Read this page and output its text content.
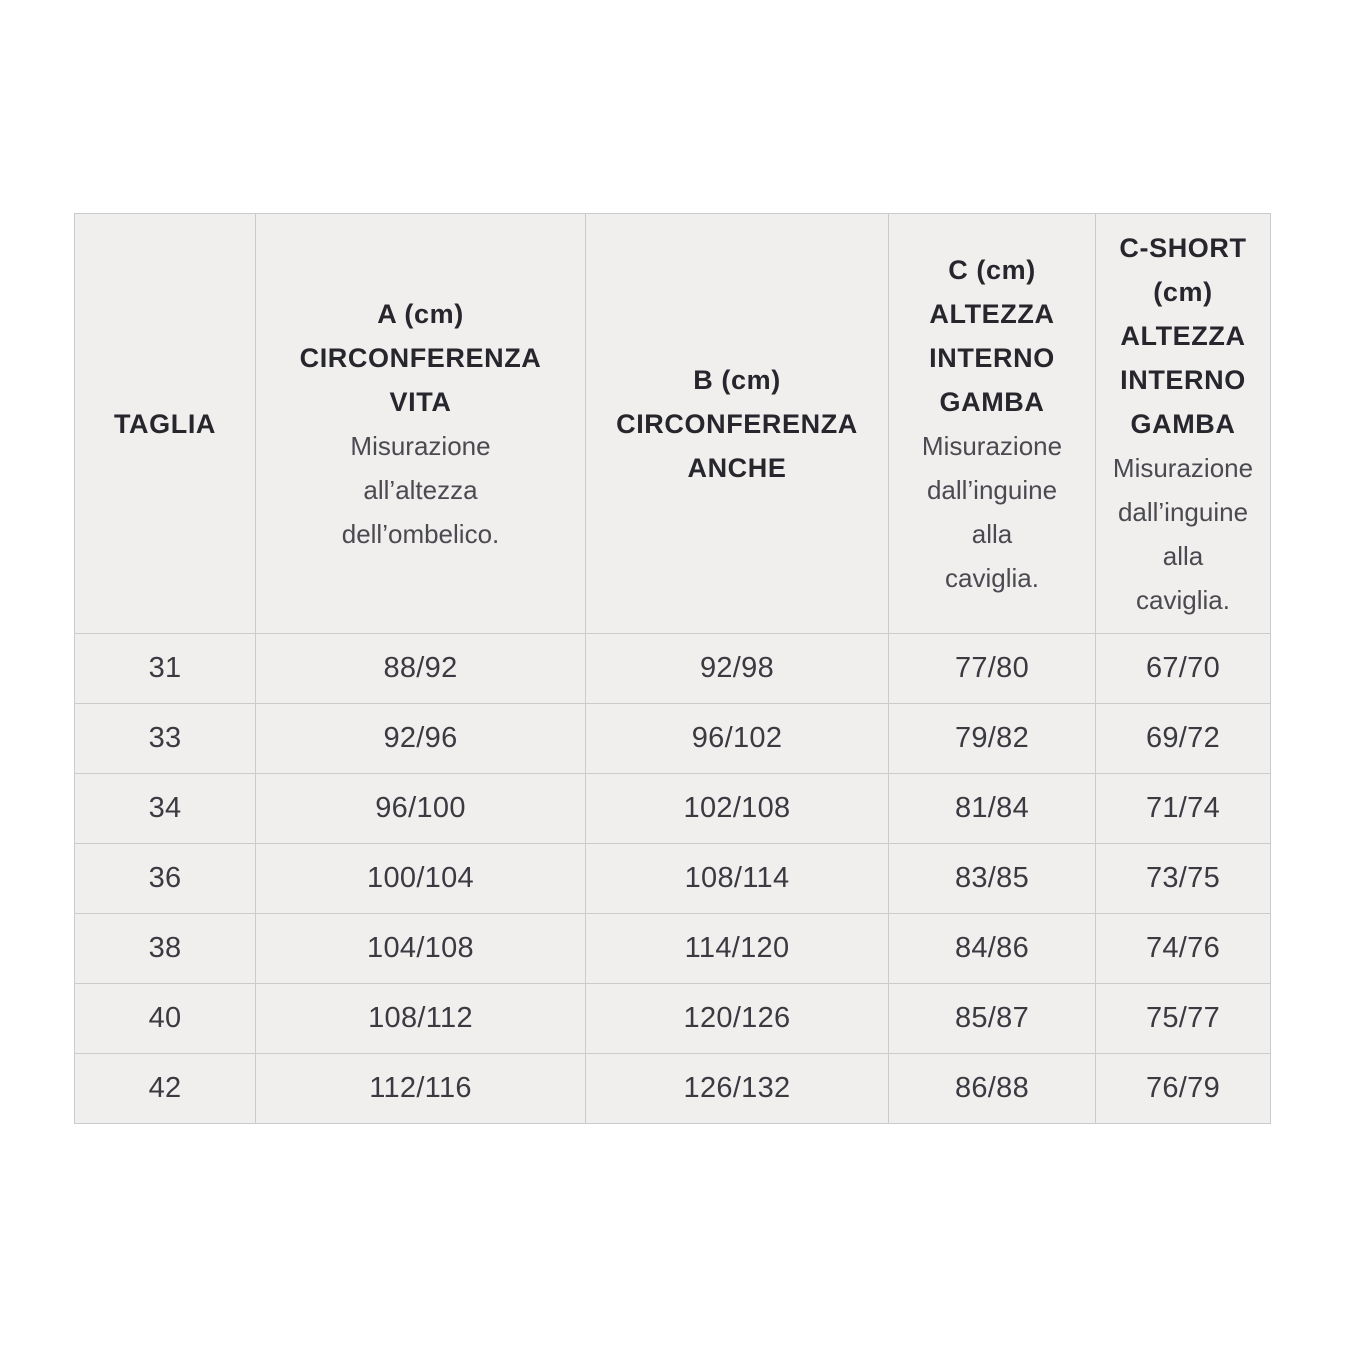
TAGLIA

A (cm)
CIRCONFERENZA
VITA
Misurazione
all’altezza
dell’ombelico.

B (cm)
CIRCONFERENZA
ANCHE

C (cm)
ALTEZZA
INTERNO
GAMBA
Misurazione
dall’inguine
alla
caviglia.

C-SHORT
(cm)
ALTEZZA
INTERNO
GAMBA
Misurazione
dall’inguine
alla
caviglia.

31	88/92	92/98	77/80	67/70
33	92/96	96/102	79/82	69/72
34	96/100	102/108	81/84	71/74
36	100/104	108/114	83/85	73/75
38	104/108	114/120	84/86	74/76
40	108/112	120/126	85/87	75/77
42	112/116	126/132	86/88	76/79
